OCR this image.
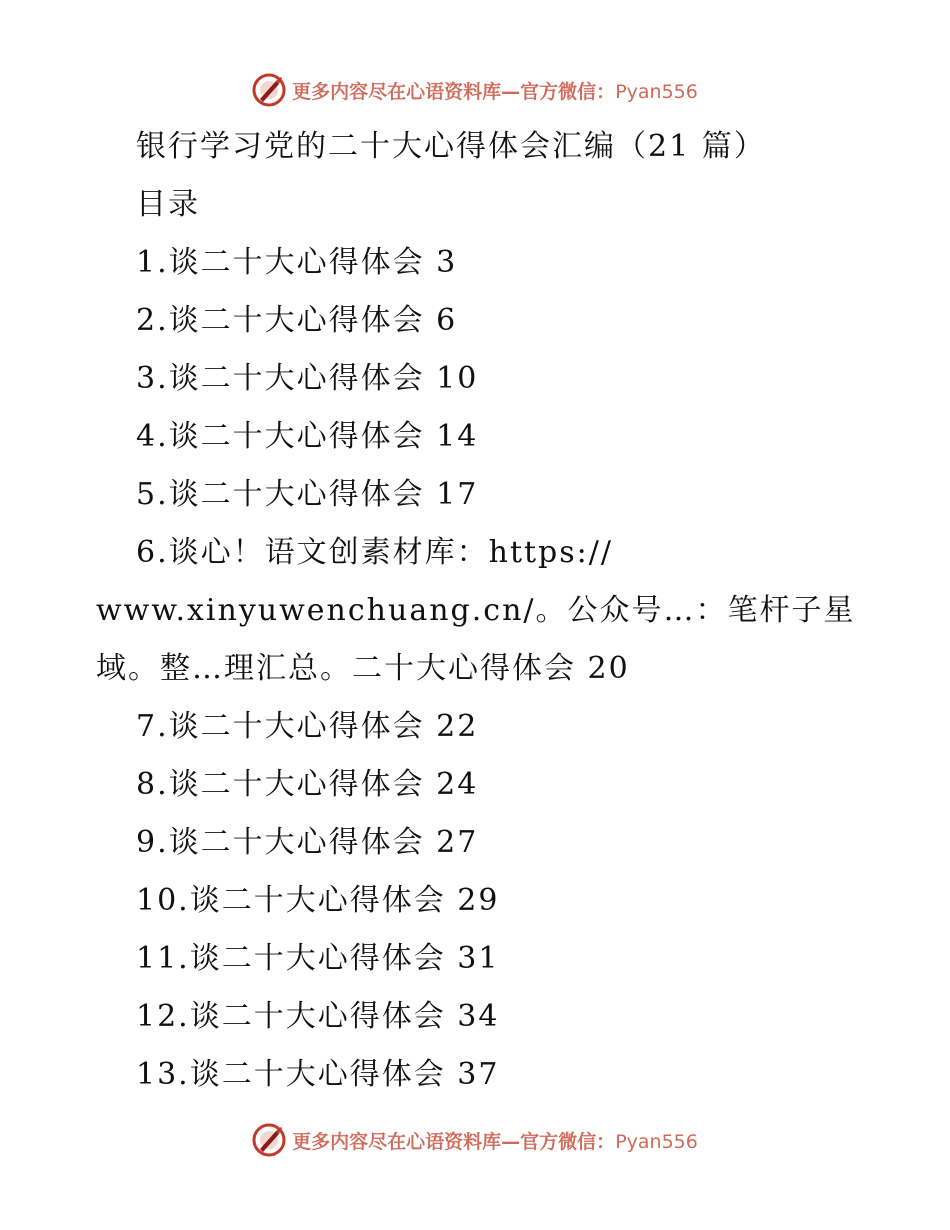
更多内容尽在心语资料库—官方微信：Pyan556
银行学习党的二十大心得体会汇编（21 篇）
目录
1.谈二十大心得体会 3
2.谈二十大心得体会 6
3.谈二十大心得体会 10
4.谈二十大心得体会 14
5.谈二十大心得体会 17
6.谈心！语文创素材库：https://
www.xinyuwenchuang.cn/。公众号…：笔杆子星
域。整…理汇总。二十大心得体会 20
7.谈二十大心得体会 22
8.谈二十大心得体会 24
9.谈二十大心得体会 27
10.谈二十大心得体会 29
11.谈二十大心得体会 31
12.谈二十大心得体会 34
13.谈二十大心得体会 37
更多内容尽在心语资料库—官方微信：Pyan556
